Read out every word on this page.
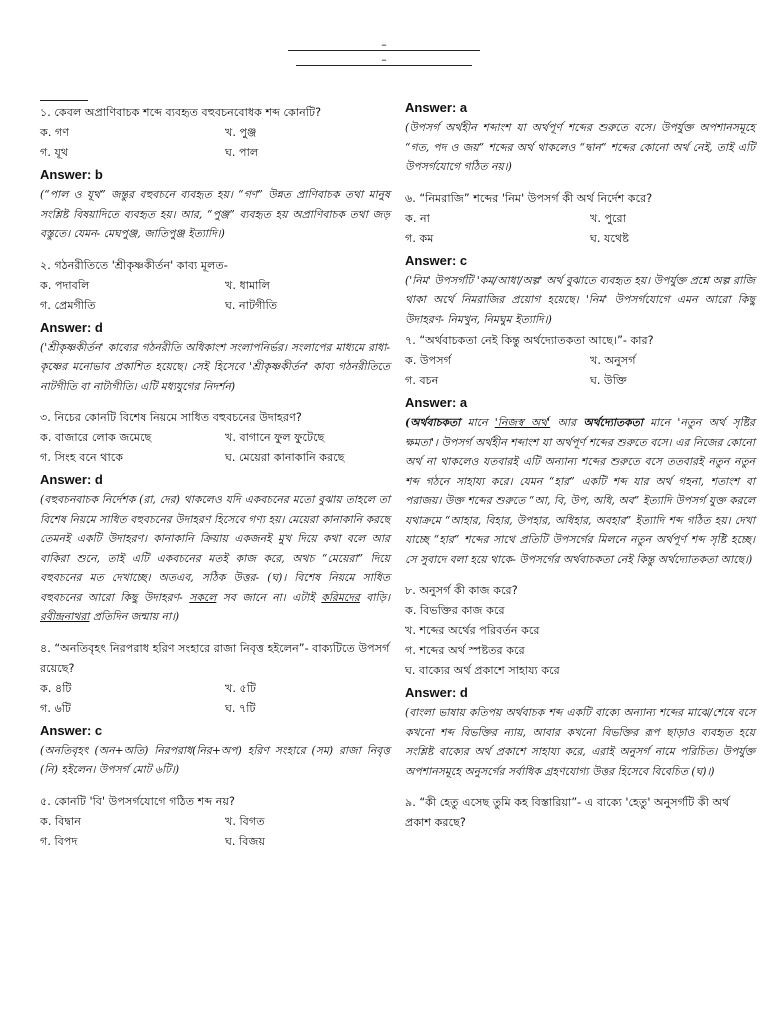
–
–

১. কেবল অপ্রাণিবাচক শব্দে ব্যবহৃত বহুবচনবোধক শব্দ কোনটি?

ক. গণ	খ. পুঞ্জ
গ. যূথ	ঘ. পাল
Answer: b
(“পাল ও যূথ” জন্তুর বহুবচনে ব্যবহৃত হয়। “গণ” উন্নত প্রাণিবাচক তথা মানুষ সংশ্লিষ্ট বিষয়াদিতে ব্যবহৃত হয়। আর, “পুঞ্জ” ব্যবহৃত হয় অপ্রাণিবাচক তথা জড় বস্তুতে। যেমন- মেঘপুঞ্জ, জাতিপুঞ্জ ইত্যাদি।)

২. গঠনরীতিতে 'শ্রীকৃষ্ণকীর্তন' কাব্য মূলত-

ক. পদাবলি	খ. ধামালি
গ. প্রেমগীতি	ঘ. নাটগীতি
Answer: d
('শ্রীকৃষ্ণকীর্তন' কাব্যের গঠনরীতি অধিকাংশ সংলাপনির্ভর। সংলাপের মাধ্যমে রাধা-কৃষ্ণের মনোভাব প্রকাশিত হয়েছে। সেই হিসেবে 'শ্রীকৃষ্ণকীর্তন' কাব্য গঠনরীতিতে নাটগীতি বা নাট্যগীতি। এটি মধ্যযুগের নিদর্শন)

৩. নিচের কোনটি বিশেষ নিয়মে সাধিত বহুবচনের উদাহরণ?

ক. বাজারে লোক জমেছে	খ. বাগানে ফুল ফুটেছে
গ. সিংহ বনে থাকে	ঘ. মেয়েরা কানাকানি করছে
Answer: d
(বহুবচনবাচক নির্দেশক (রা, দের) থাকলেও যদি একবচনের মতো বুঝায় তাহলে তা বিশেষ নিয়মে সাধিত বহুবচনের উদাহরণ হিসেবে গণ্য হয়। মেয়েরা কানাকানি করছে তেমনই একটি উদাহরণ। কানাকানি ক্রিয়ায় একজনই মুখ দিয়ে কথা বলে আর বাকিরা শুনে, তাই এটি একবচনের মতই কাজ করে, অথচ “মেয়েরা” দিয়ে বহুবচনের মত দেখাচ্ছে। অতএব, সঠিক উত্তর- (ঘ)। বিশেষ নিয়মে সাধিত বহুবচনের আরো কিছু উদাহরণ- সকলে সব জানে না। এটাই করিমদের বাড়ি। রবীন্দ্রনাথরা প্রতিদিন জন্মায় না।)

৪. “অনতিবৃহৎ নিরপরাধ হরিণ সংহারে রাজা নিবৃত্ত হইলেন”- বাক্যটিতে উপসর্গ রয়েছে?

ক. ৪টি	খ. ৫টি
গ. ৬টি	ঘ. ৭টি
Answer: c
(অনতিবৃহৎ (অন+অতি) নিরপরাধ(নির+অপ) হরিণ সংহারে (সম) রাজা নিবৃত্ত (নি) হইলেন। উপসর্গ মোট ৬টি।)

৫. কোনটি 'বি' উপসর্গযোগে গঠিত শব্দ নয়?

ক. বিদ্বান	খ. বিগত
গ. বিপদ	ঘ. বিজয়
Answer: a
(উপসর্গ অর্থহীন শব্দাংশ যা অর্থপূর্ণ শব্দের শুরুতে বসে। উপর্যুক্ত অপশানসমূহে “গত, পদ ও জয়” শব্দের অর্থ থাকলেও “দ্বান” শব্দের কোনো অর্থ নেই, তাই এটি উপসর্গযোগে গঠিত নয়।)

৬. “নিমরাজি” শব্দের 'নিম' উপসর্গ কী অর্থ নির্দেশ করে?

ক. না	খ. পুরো
গ. কম	ঘ. যথেষ্ট
Answer: c
('নিম' উপসর্গটি 'কম/আধা/অল্প' অর্থ বুঝাতে ব্যবহৃত হয়। উপর্যুক্ত প্রশ্নে অল্প রাজি থাকা অর্থে নিমরাজির প্রয়োগ হয়েছে। 'নিম' উপসর্গযোগে এমন আরো কিছু উদাহরণ- নিমখুন, নিমঘুম ইত্যাদি।)

৭. “অর্থবাচকতা নেই কিন্তু অর্থদ্যোতকতা আছে।”- কার?

ক. উপসর্গ	খ. অনুসর্গ
গ. বচন	ঘ. উক্তি
Answer: a
(অর্থবাচকতা মানে 'নিজস্ব অর্থ' আর অর্থদ্যোতকতা মানে 'নতুন অর্থ সৃষ্টির ক্ষমতা'। উপসর্গ অর্থহীন শব্দাংশ যা অর্থপূর্ণ শব্দের শুরুতে বসে। এর নিজের কোনো অর্থ না থাকলেও যতবারই এটি অন্যান্য শব্দের শুরুতে বসে ততবারই নতুন নতুন শব্দ গঠনে সাহায্য করে। যেমন “হার” একটি শব্দ যার অর্থ গহনা, শতাংশ বা পরাজয়। উক্ত শব্দের শুরুতে “আ, বি, উপ, অধি, অব” ইত্যাদি উপসর্গ যুক্ত করলে যথাক্রমে “আহার, বিহার, উপহার, অধিহার, অবহার” ইত্যাদি শব্দ গঠিত হয়। দেখা যাচ্ছে “হার” শব্দের সাথে প্রতিটি উপসর্গের মিলনে নতুন অর্থপূর্ণ শব্দ সৃষ্টি হচ্ছে। সে সুবাদে বলা হয়ে থাকে- উপসর্গের অর্থবাচকতা নেই কিন্তু অর্থদ্যোতকতা আছে।)

৮. অনুসর্গ কী কাজ করে?

ক. বিভক্তির কাজ করে
খ. শব্দের অর্থের পরিবর্তন করে
গ. শব্দের অর্থ স্পষ্টতর করে
ঘ. বাক্যের অর্থ প্রকাশে সাহায্য করে
Answer: d
(বাংলা ভাষায় কতিপয় অর্থবাচক শব্দ একটি বাক্যে অন্যান্য শব্দের মাঝে/শেষে বসে কখনো শব্দ বিভক্তির ন্যায়, আবার কখনো বিভক্তির রূপ ছাড়াও ব্যবহৃত হয়ে সংশ্লিষ্ট বাক্যের অর্থ প্রকাশে সাহায্য করে, এরাই অনুসর্গ নামে পরিচিত। উপর্যুক্ত অপশানসমূহে অনুসর্গের সর্বাধিক গ্রহণযোগ্য উত্তর হিসেবে বিবেচিত (ঘ)।)

৯. “কী হেতু এসেছ তুমি কহ বিস্তারিয়া”- এ বাক্যে 'হেতু' অনুসর্গটি কী অর্থ প্রকাশ করছে?
